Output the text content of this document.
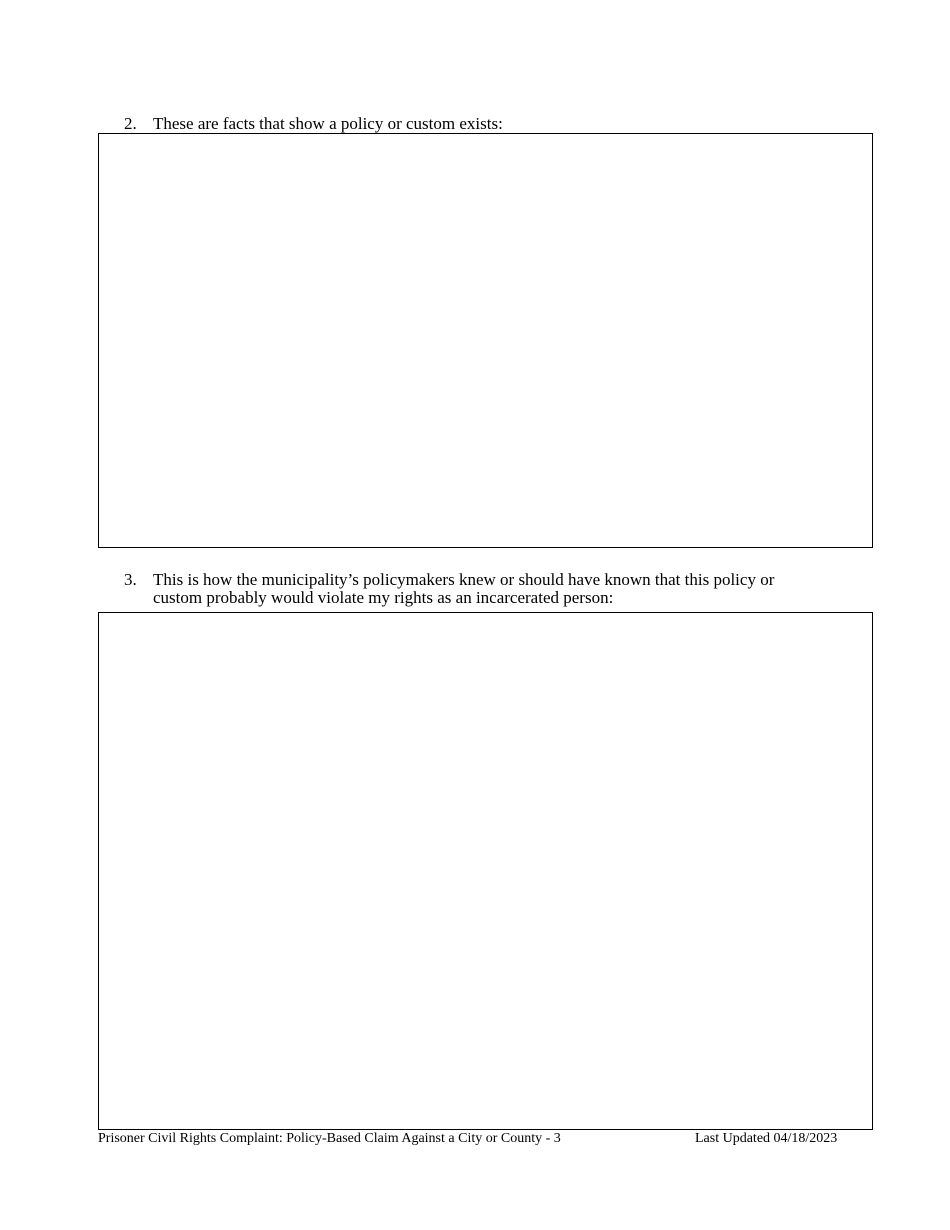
2. These are facts that show a policy or custom exists:
3. This is how the municipality’s policymakers knew or should have known that this policy or
custom probably would violate my rights as an incarcerated person:
Prisoner Civil Rights Complaint: Policy-Based Claim Against a City or County - 3	Last Updated 04/18/2023
